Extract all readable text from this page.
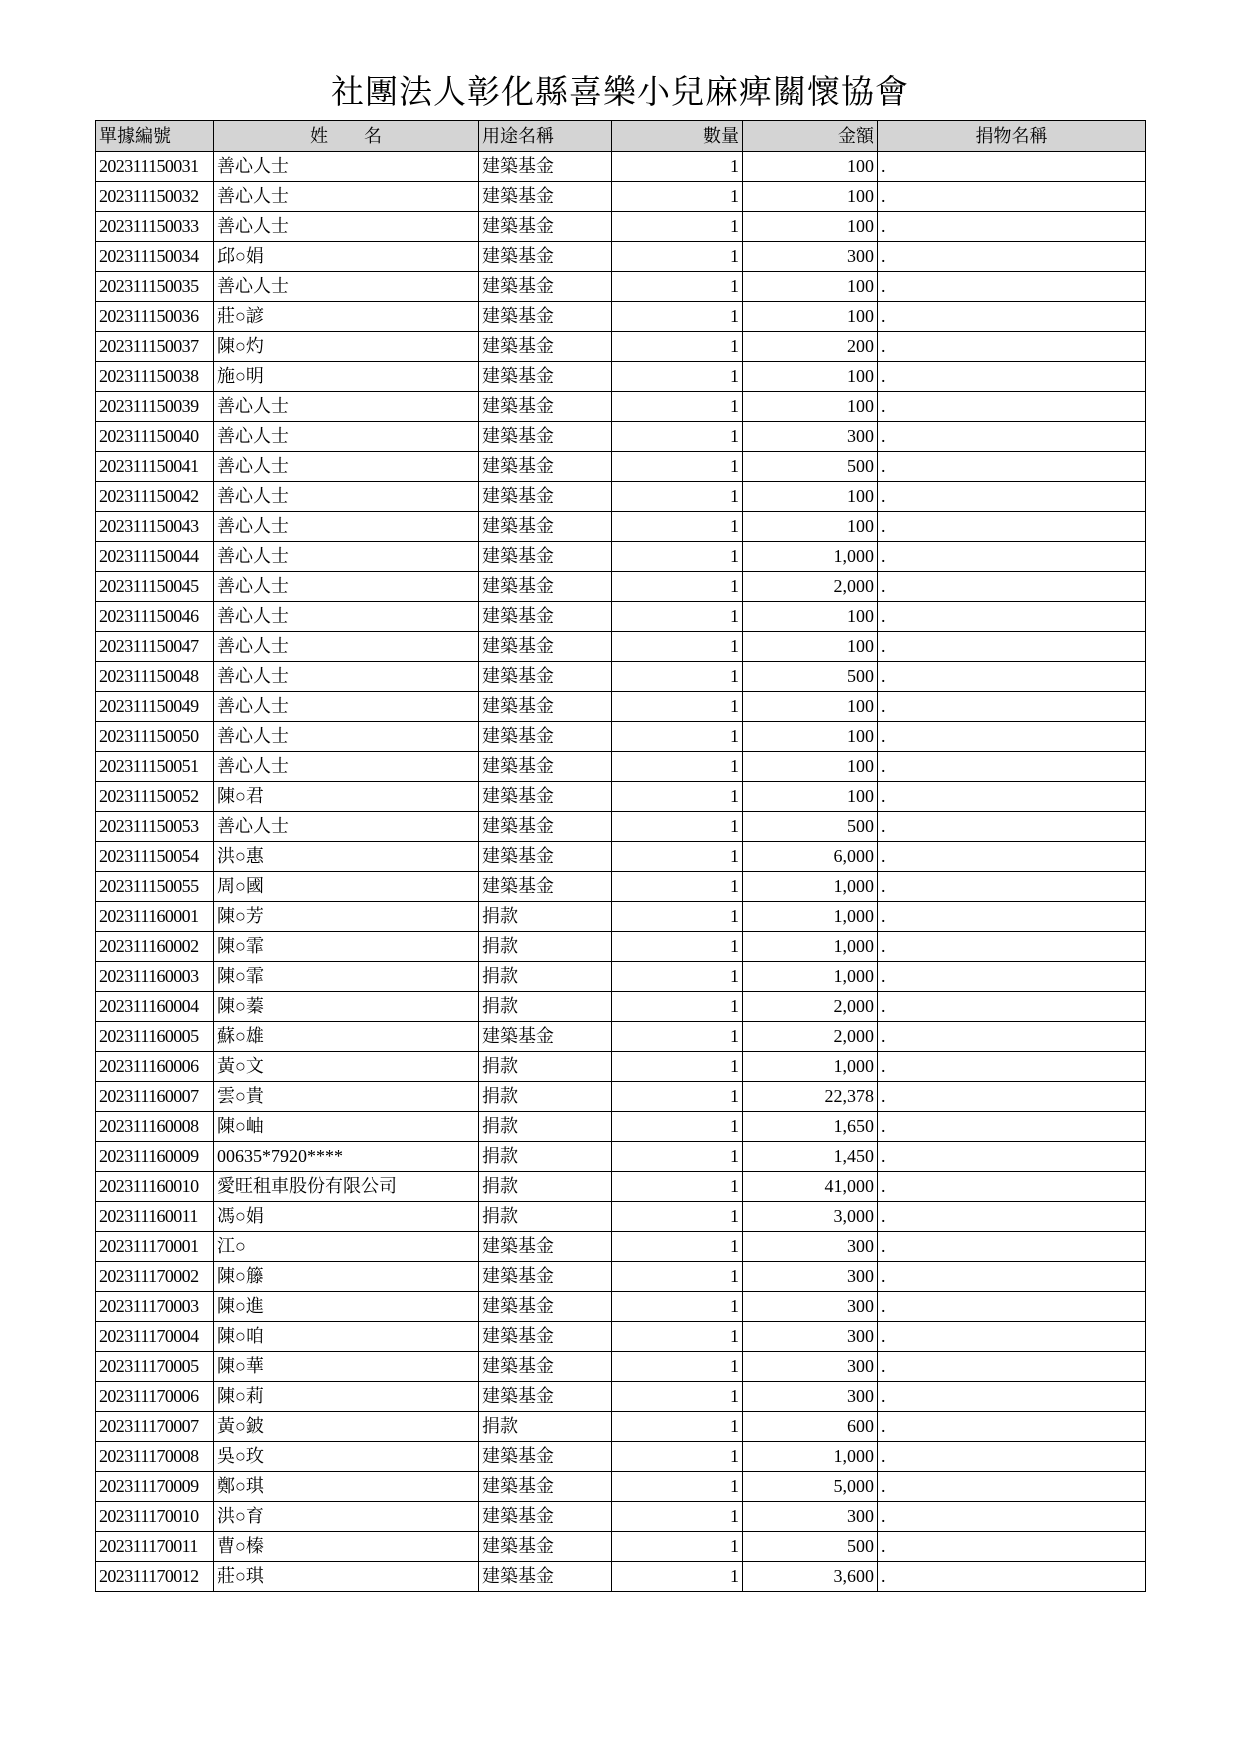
社團法人彰化縣喜樂小兒麻痺關懷協會
單據編號	姓　　名	用途名稱	數量	金額	捐物名稱
202311150031	善心人士	建築基金	1	100	.
202311150032	善心人士	建築基金	1	100	.
202311150033	善心人士	建築基金	1	100	.
202311150034	邱○娟	建築基金	1	300	.
202311150035	善心人士	建築基金	1	100	.
202311150036	莊○諺	建築基金	1	100	.
202311150037	陳○灼	建築基金	1	200	.
202311150038	施○明	建築基金	1	100	.
202311150039	善心人士	建築基金	1	100	.
202311150040	善心人士	建築基金	1	300	.
202311150041	善心人士	建築基金	1	500	.
202311150042	善心人士	建築基金	1	100	.
202311150043	善心人士	建築基金	1	100	.
202311150044	善心人士	建築基金	1	1,000	.
202311150045	善心人士	建築基金	1	2,000	.
202311150046	善心人士	建築基金	1	100	.
202311150047	善心人士	建築基金	1	100	.
202311150048	善心人士	建築基金	1	500	.
202311150049	善心人士	建築基金	1	100	.
202311150050	善心人士	建築基金	1	100	.
202311150051	善心人士	建築基金	1	100	.
202311150052	陳○君	建築基金	1	100	.
202311150053	善心人士	建築基金	1	500	.
202311150054	洪○惠	建築基金	1	6,000	.
202311150055	周○國	建築基金	1	1,000	.
202311160001	陳○芳	捐款	1	1,000	.
202311160002	陳○霏	捐款	1	1,000	.
202311160003	陳○霏	捐款	1	1,000	.
202311160004	陳○蓁	捐款	1	2,000	.
202311160005	蘇○雄	建築基金	1	2,000	.
202311160006	黃○文	捐款	1	1,000	.
202311160007	雲○貴	捐款	1	22,378	.
202311160008	陳○岫	捐款	1	1,650	.
202311160009	00635*7920****	捐款	1	1,450	.
202311160010	愛旺租車股份有限公司	捐款	1	41,000	.
202311160011	馮○娟	捐款	1	3,000	.
202311170001	江○	建築基金	1	300	.
202311170002	陳○籐	建築基金	1	300	.
202311170003	陳○進	建築基金	1	300	.
202311170004	陳○咱	建築基金	1	300	.
202311170005	陳○華	建築基金	1	300	.
202311170006	陳○莉	建築基金	1	300	.
202311170007	黃○鈹	捐款	1	600	.
202311170008	吳○玫	建築基金	1	1,000	.
202311170009	鄭○琪	建築基金	1	5,000	.
202311170010	洪○育	建築基金	1	300	.
202311170011	曹○榛	建築基金	1	500	.
202311170012	莊○琪	建築基金	1	3,600	.
